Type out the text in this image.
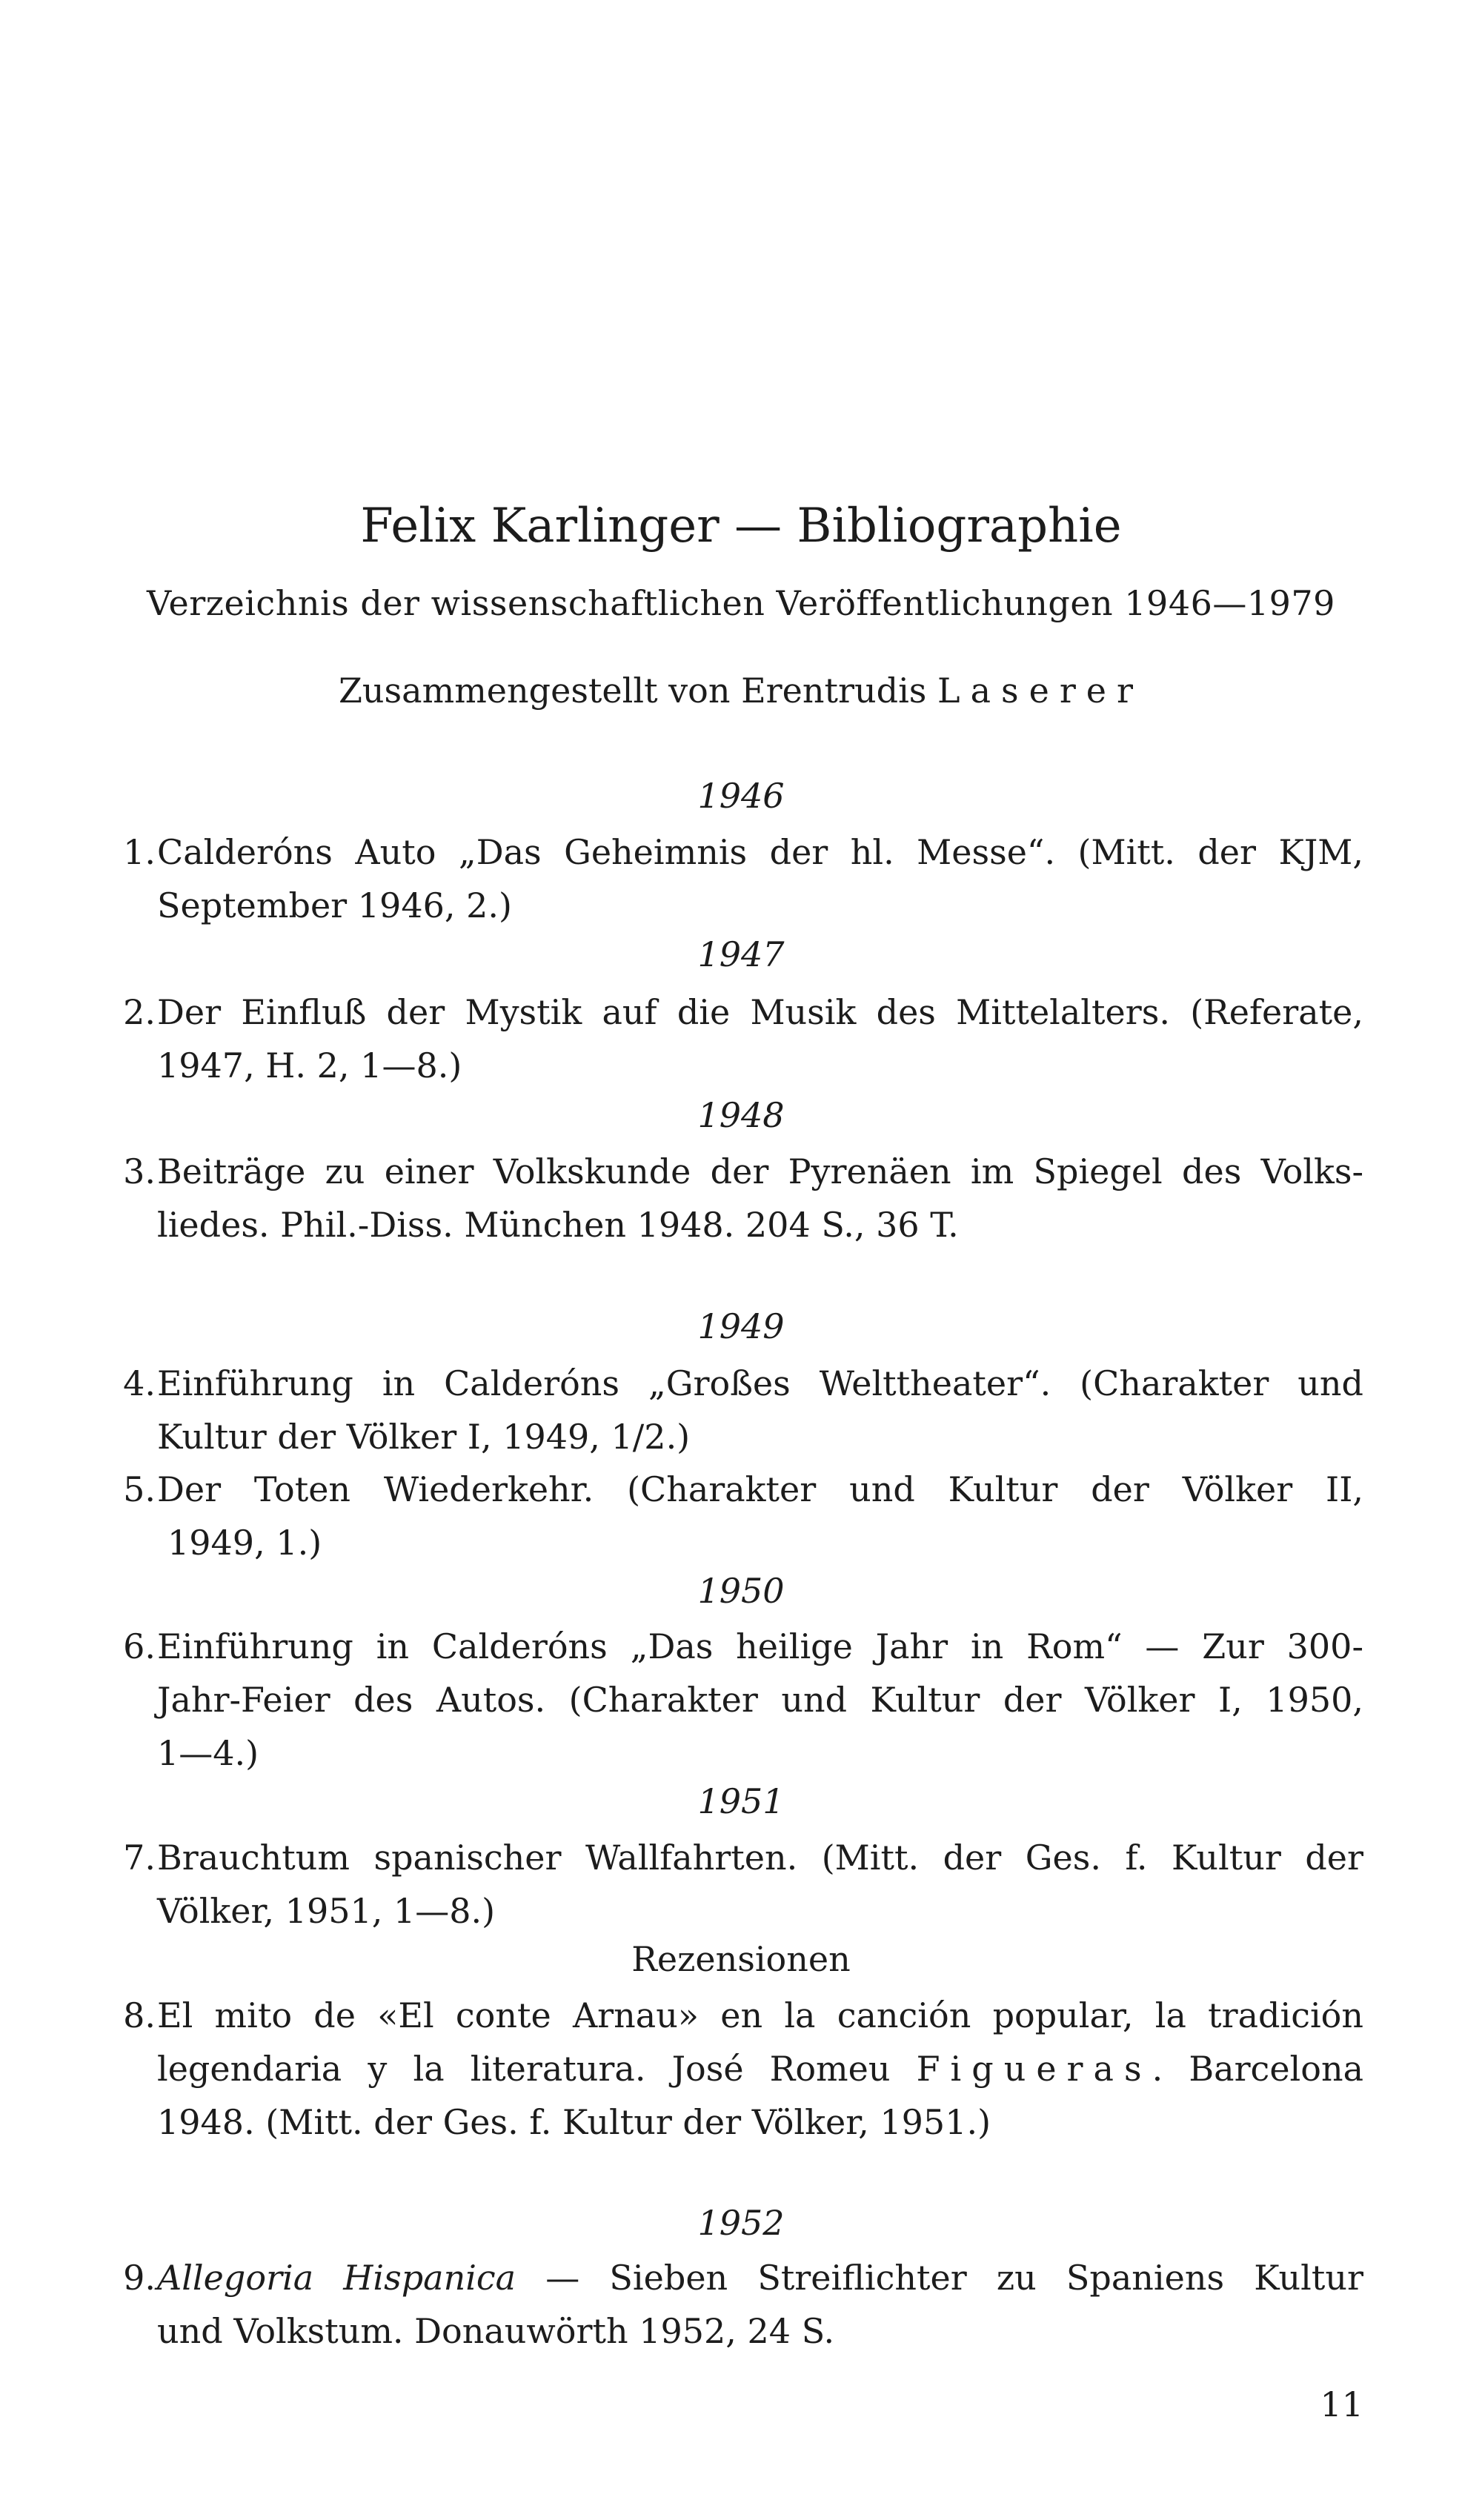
Felix Karlinger — Bibliographie

Verzeichnis der wissenschaftlichen Veröffentlichungen 1946—1979

Zusammengestellt von Erentrudis Laserer

1946

1. Calderóns Auto „Das Geheimnis der hl. Messe“. (Mitt. der KJM,
September 1946, 2.)

1947

2. Der Einfluß der Mystik auf die Musik des Mittelalters. (Referate,
1947, H. 2, 1—8.)

1948

3. Beiträge zu einer Volkskunde der Pyrenäen im Spiegel des Volks-
liedes. Phil.-Diss. München 1948. 204 S., 36 T.

1949

4. Einführung in Calderóns „Großes Welttheater“. (Charakter und
Kultur der Völker I, 1949, 1/2.)
5. Der Toten Wiederkehr. (Charakter und Kultur der Völker II,
1949, 1.)

1950

6. Einführung in Calderóns „Das heilige Jahr in Rom“ — Zur 300-
Jahr-Feier des Autos. (Charakter und Kultur der Völker I, 1950,
1—4.)

1951

7. Brauchtum spanischer Wallfahrten. (Mitt. der Ges. f. Kultur der
Völker, 1951, 1—8.)

Rezensionen

8. El mito de «El conte Arnau» en la canción popular, la tradición
legendaria y la literatura. José Romeu Figueras. Barcelona
1948. (Mitt. der Ges. f. Kultur der Völker, 1951.)

1952

9. Allegoria Hispanica — Sieben Streiflichter zu Spaniens Kultur
und Volkstum. Donauwörth 1952, 24 S.

11
